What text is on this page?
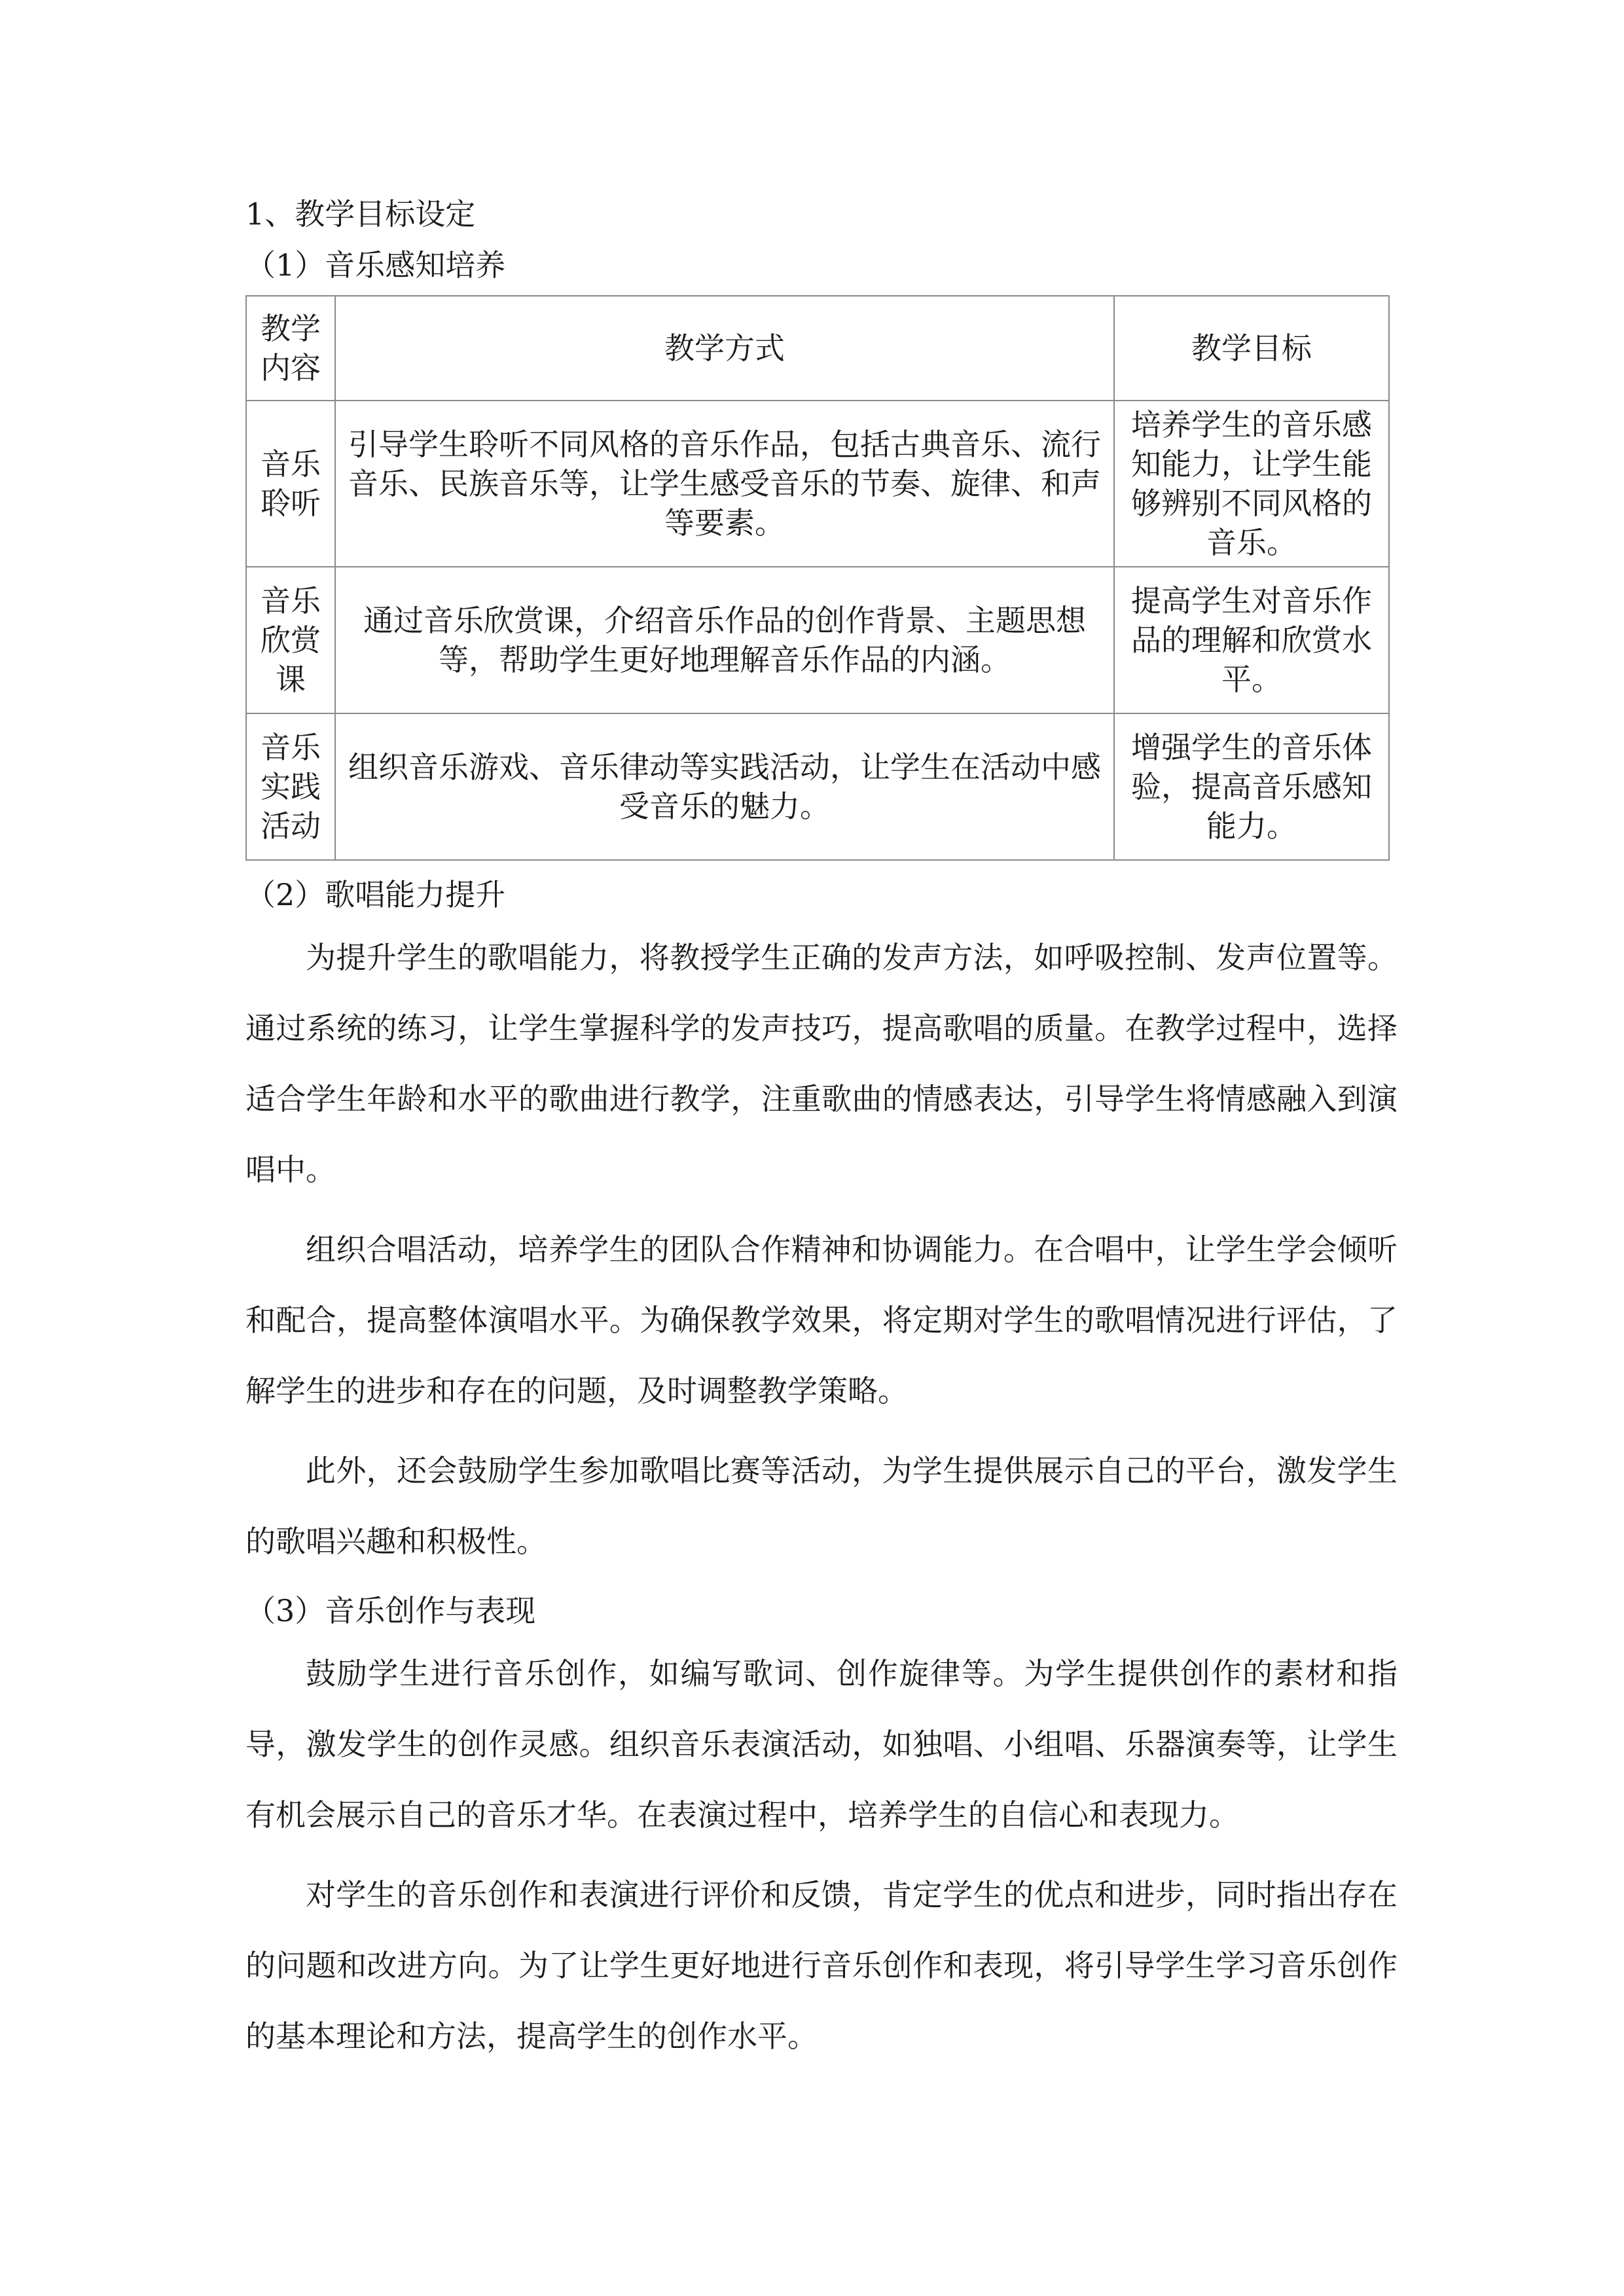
1、教学目标设定

（1）音乐感知培养

教学内容	教学方式	教学目标
音乐聆听	引导学生聆听不同风格的音乐作品，包括古典音乐、流行音乐、民族音乐等，让学生感受音乐的节奏、旋律、和声等要素。	培养学生的音乐感知能力，让学生能够辨别不同风格的音乐。
音乐欣赏课	通过音乐欣赏课，介绍音乐作品的创作背景、主题思想等，帮助学生更好地理解音乐作品的内涵。	提高学生对音乐作品的理解和欣赏水平。
音乐实践活动	组织音乐游戏、音乐律动等实践活动，让学生在活动中感受音乐的魅力。	增强学生的音乐体验，提高音乐感知能力。

（2）歌唱能力提升

为提升学生的歌唱能力，将教授学生正确的发声方法，如呼吸控制、发声位置等。通过系统的练习，让学生掌握科学的发声技巧，提高歌唱的质量。在教学过程中，选择适合学生年龄和水平的歌曲进行教学，注重歌曲的情感表达，引导学生将情感融入到演唱中。

组织合唱活动，培养学生的团队合作精神和协调能力。在合唱中，让学生学会倾听和配合，提高整体演唱水平。为确保教学效果，将定期对学生的歌唱情况进行评估，了解学生的进步和存在的问题，及时调整教学策略。

此外，还会鼓励学生参加歌唱比赛等活动，为学生提供展示自己的平台，激发学生的歌唱兴趣和积极性。

（3）音乐创作与表现

鼓励学生进行音乐创作，如编写歌词、创作旋律等。为学生提供创作的素材和指导，激发学生的创作灵感。组织音乐表演活动，如独唱、小组唱、乐器演奏等，让学生有机会展示自己的音乐才华。在表演过程中，培养学生的自信心和表现力。

对学生的音乐创作和表演进行评价和反馈，肯定学生的优点和进步，同时指出存在的问题和改进方向。为了让学生更好地进行音乐创作和表现，将引导学生学习音乐创作的基本理论和方法，提高学生的创作水平。
